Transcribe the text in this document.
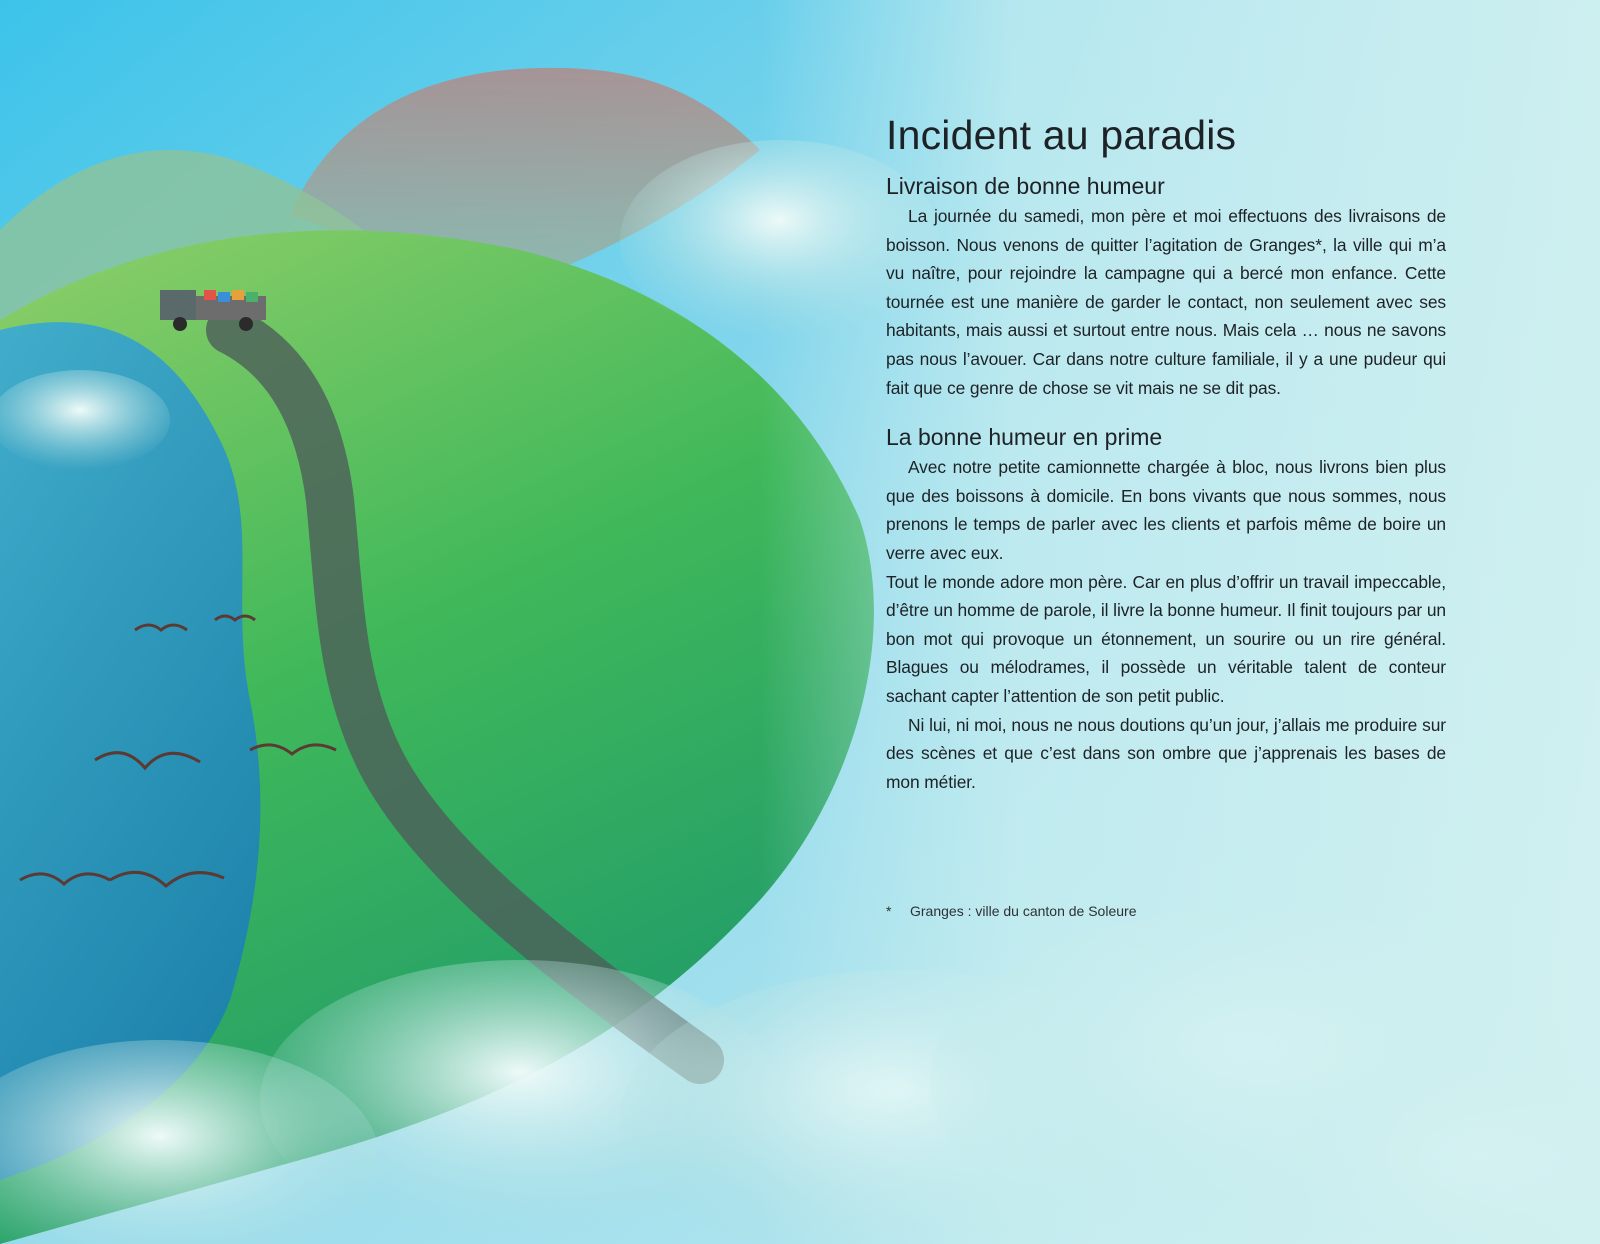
Incident au paradis
Livraison de bonne humeur

La journée du samedi, mon père et moi effectuons des livraisons de boisson. Nous venons de quitter l’agitation de Granges*, la ville qui m’a vu naître, pour rejoindre la campagne qui a bercé mon enfance. Cette tournée est une manière de garder le contact, non seulement avec ses habitants, mais aussi et surtout entre nous. Mais cela … nous ne savons pas nous l’avouer. Car dans notre culture familiale, il y a une pudeur qui fait que ce genre de chose se vit mais ne se dit pas.

La bonne humeur en prime

Avec notre petite camionnette chargée à bloc, nous livrons bien plus que des boissons à domicile. En bons vivants que nous sommes, nous prenons le temps de parler avec les clients et parfois même de boire un verre avec eux.

Tout le monde adore mon père. Car en plus d’offrir un travail impeccable, d’être un homme de parole, il livre la bonne humeur. Il finit toujours par un bon mot qui provoque un étonnement, un sourire ou un rire général. Blagues ou mélodrames, il possède un véritable talent de conteur sachant capter l’attention de son petit public.

Ni lui, ni moi, nous ne nous doutions qu’un jour, j’allais me produire sur des scènes et que c’est dans son ombre que j’apprenais les bases de mon métier.

* Granges : ville du canton de Soleure
